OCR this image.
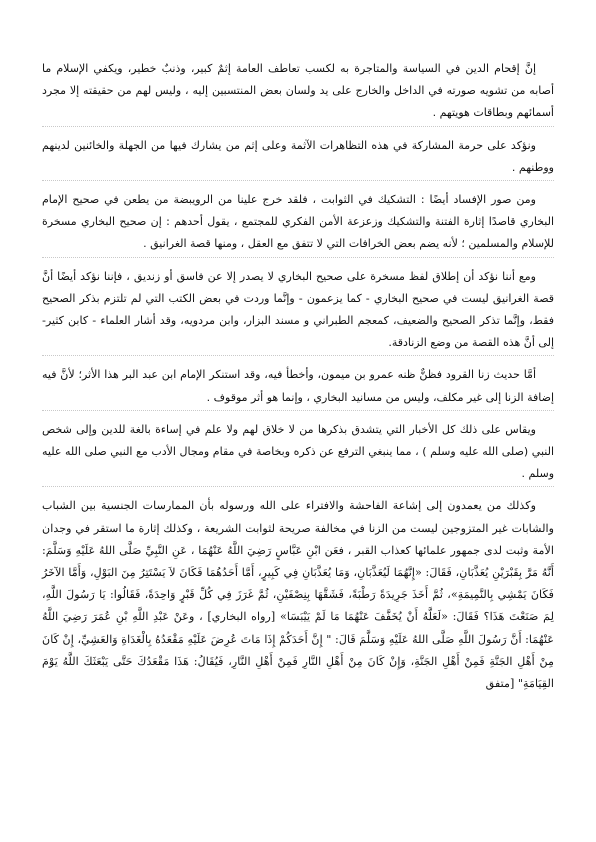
إنَّ إقحام الدين في السياسة والمتاجرة به لكسب تعاطف العامة إثمٌ كبير، وذنبٌ خطير، ويكفي الإسلام ما أصابه من تشويه صورته في الداخل والخارج على يد ولسان بعض المنتسبين إليه ، وليس لهم من حقيقته إلا مجرد أسمائهم وبطاقات هويتهم .

ونؤكد على حرمة المشاركة في هذه التظاهرات الآثمة وعلى إثم من يشارك فيها من الجهلة والخائنين لدينهم ووطنهم .

ومن صور الإفساد أيضًا : التشكيك في الثوابت ، فلقد خرج علينا من الرويبضة من يطعن في صحيح الإمام البخاري قاصدًا إثارة الفتنة والتشكيك وزعزعة الأمن الفكري للمجتمع ، يقول أحدهم : إن صحيح البخاري مسخرة للإسلام والمسلمين ؛ لأنه يضم بعض الخرافات التي لا تتفق مع العقل ، ومنها قصة الغرانيق .

ومع أننا نؤكد أن إطلاق لفظ مسخرة على صحيح البخاري لا يصدر إلا عن فاسق أو زنديق ، فإننا نؤكد أيضًا أنَّ قصة الغرانيق ليست في صحيح البخاري - كما يزعمون - وإنَّما وردت في بعض الكتب التي لم تلتزم بذكر الصحيح فقط، وإنَّما تذكر الصحيح والضعيف، كمعجم الطبراني و مسند البزار، وابن مردويه، وقد أشار العلماء - كابن كثير- إلى أنَّ هذه القصة من وضع الزنادقة.

أمَّا حديث زنا القرود فظنٌّ ظنه عمرو بن ميمون، وأخطأ فيه، وقد استنكر الإمام ابن عبد البر هذا الأثر؛ لأنَّ فيه إضافة الزنا إلى غير مكلف، وليس من مسانيد البخاري ، وإنما هو أثر موقوف .

ويقاس على ذلك كل الأخبار التي يتشدق بذكرها من لا خلاق لهم ولا علم في إساءة بالغة للدين وإلى شخص النبي (صلى الله عليه وسلم ) ، مما ينبغي الترفع عن ذكره وبخاصة في مقام ومجال الأدب مع النبي صلى الله عليه وسلم .

وكذلك من يعمدون إلى إشاعة الفاحشة والافتراء على الله ورسوله بأن الممارسات الجنسية بين الشباب والشابات غير المتزوجين ليست من الزنا في مخالفة صريحة لثوابت الشريعة ، وكذلك إثارة ما استقر في وجدان الأمة وثبت لدى جمهور علمائها كعذاب القبر ، فعَن ابْنِ عَبَّاسٍ رَضِيَ اللَّهُ عَنْهُمَا ، عَنِ النَّبِيِّ صَلَّى اللهُ عَلَيْهِ وَسَلَّمَ: أَنَّهُ مَرَّ بِقَبْرَيْنِ يُعَذَّبَانِ، فَقَالَ: «إِنَّهُمَا لَيُعَذَّبَانِ، وَمَا يُعَذَّبَانِ فِي كَبِيرٍ، أَمَّا أَحَدُهُمَا فَكَانَ لاَ يَسْتَتِرُ مِنَ البَوْلِ، وَأَمَّا الآخَرُ فَكَانَ يَمْشِي بِالنَّمِيمَةِ»، ثُمَّ أَخَذَ جَرِيدَةً رَطْبَةً، فَشَقَّهَا بِنِصْفَيْنِ، ثُمَّ غَرَزَ فِي كُلِّ قَبْرٍ وَاحِدَةً، فَقَالُوا: يَا رَسُولَ اللَّهِ، لِمَ صَنَعْتَ هَذَا؟ فَقَالَ: «لَعَلَّهُ أَنْ يُخَفَّفَ عَنْهُمَا مَا لَمْ يَيْبَسَا» [رواه البخاري] ، وعَنْ عَبْدِ اللَّهِ بْنِ عُمَرَ رَضِيَ اللَّهُ عَنْهُمَا: أَنَّ رَسُولَ اللَّهِ صَلَّى اللهُ عَلَيْهِ وَسَلَّمَ قَالَ: " إِنَّ أَحَدَكُمْ إِذَا مَاتَ عُرِضَ عَلَيْهِ مَقْعَدُهُ بِالْغَدَاةِ وَالعَشِيِّ، إِنْ كَانَ مِنْ أَهْلِ الجَنَّةِ فَمِنْ أَهْلِ الجَنَّةِ، وَإِنْ كَانَ مِنْ أَهْلِ النَّارِ فَمِنْ أَهْلِ النَّارِ، فَيُقَالُ: هَذَا مَقْعَدُكَ حَتَّى يَبْعَثَكَ اللَّهُ يَوْمَ القِيَامَةِ" [متفق
